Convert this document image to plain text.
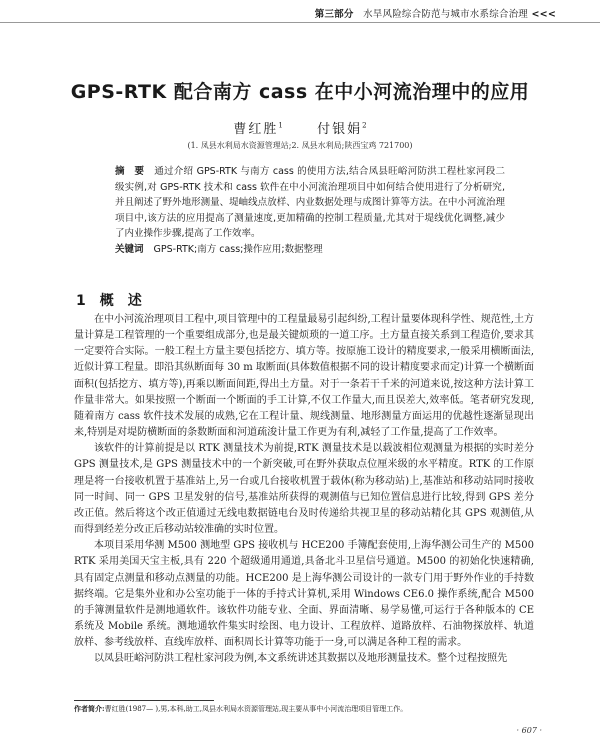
第三部分 水旱风险综合防范与城市水系综合治理 <<<
GPS-RTK 配合南方 cass 在中小河流治理中的应用
曹红胜$^1$	付银娟$^2$
(1. 凤县水利局水资源管理站;2. 凤县水利局;陕西宝鸡 721700)

摘　要 通过介绍 GPS-RTK 与南方 cass 的使用方法,结合凤县旺峪河防洪工程杜家河段二级实例,对 GPS-RTK 技术和 cass 软件在中小河流治理项目中如何结合使用进行了分析研究,并且阐述了野外地形测量、堤岫线点放样、内业数据处理与成图计算等方法。在中小河流治理项目中,该方法的应用提高了测量速度,更加精确的控制工程质量,尤其对于堤线优化调整,减少了内业操作步骤,提高了工作效率。

关键词 GPS-RTK;南方 cass;操作应用;数据整理

1 概　述

在中小河流治理项目工程中,项目管理中的工程量最易引起纠纷,工程计量要体现科学性、规范性,土方量计算是工程管理的一个重要组成部分,也是最关键烦琐的一道工序。土方量直接关系到工程造价,要求其一定要符合实际。一般工程土方量主要包括挖方、填方等。按原施工设计的精度要求,一般采用横断面法,近似计算工程量。即沿其纵断面每 30 m 取断面(具体数值根据不同的设计精度要求而定)计算一个横断面面积(包括挖方、填方等),再乘以断面间距,得出土方量。对于一条若干千米的河道来说,按这种方法计算工作量非常大。如果按照一个断面一个断面的手工计算,不仅工作量大,而且误差大,效率低。笔者研究发现,随着南方 cass 软件技术发展的成熟,它在工程计量、规线测量、地形测量方面运用的优越性逐渐显现出来,特别是对堤防横断面的条数断面和河道疏浚计量工作更为有利,减轻了工作量,提高了工作效率。

该软件的计算前提是以 RTK 测量技术为前提,RTK 测量技术是以载波相位观测量为根据的实时差分 GPS 测量技术,是 GPS 测量技术中的一个新突破,可在野外获取点位厘米级的水平精度。RTK 的工作原理是将一台接收机置于基准站上,另一台或几台接收机置于载体(称为移动站)上,基准站和移动站同时接收同一时间、同一 GPS 卫星发射的信号,基准站所获得的观测值与已知位置信息进行比较,得到 GPS 差分改正值。然后将这个改正值通过无线电数据链电台及时传递给共视卫星的移动站精化其 GPS 观测值,从而得到经差分改正后移动站较准确的实时位置。

本项目采用华测 M500 测地型 GPS 接收机与 HCE200 手簿配套使用,上海华测公司生产的 M500 RTK 采用美国天宝主板,具有 220 个超级通用通道,具备北斗卫星信号通道。M500 的初始化快速精确,具有固定点测量和移动点测量的功能。HCE200 是上海华测公司设计的一款专门用于野外作业的手持数据终端。它是集外业和办公室功能于一体的手持式计算机,采用 Windows CE6.0 操作系统,配合 M500 的手簿测量软件是测地通软件。该软件功能专业、全面、界面清晰、易学易懂,可运行于各种版本的 CE 系统及 Mobile 系统。测地通软件集实时绘图、电力设计、工程放样、道路放样、石油物探放样、轨道放样、参考线放样、直线库放样、面积周长计算等功能于一身,可以满足各种工程的需求。

以凤县旺峪河防洪工程杜家河段为例,本文系统讲述其数据以及地形测量技术。整个过程按照先

作者简介:曹红胜(1987— ),男,本科,助工,凤县水利局水资源管理站,现主要从事中小河流治理项目管理工作。
· 607 ·
